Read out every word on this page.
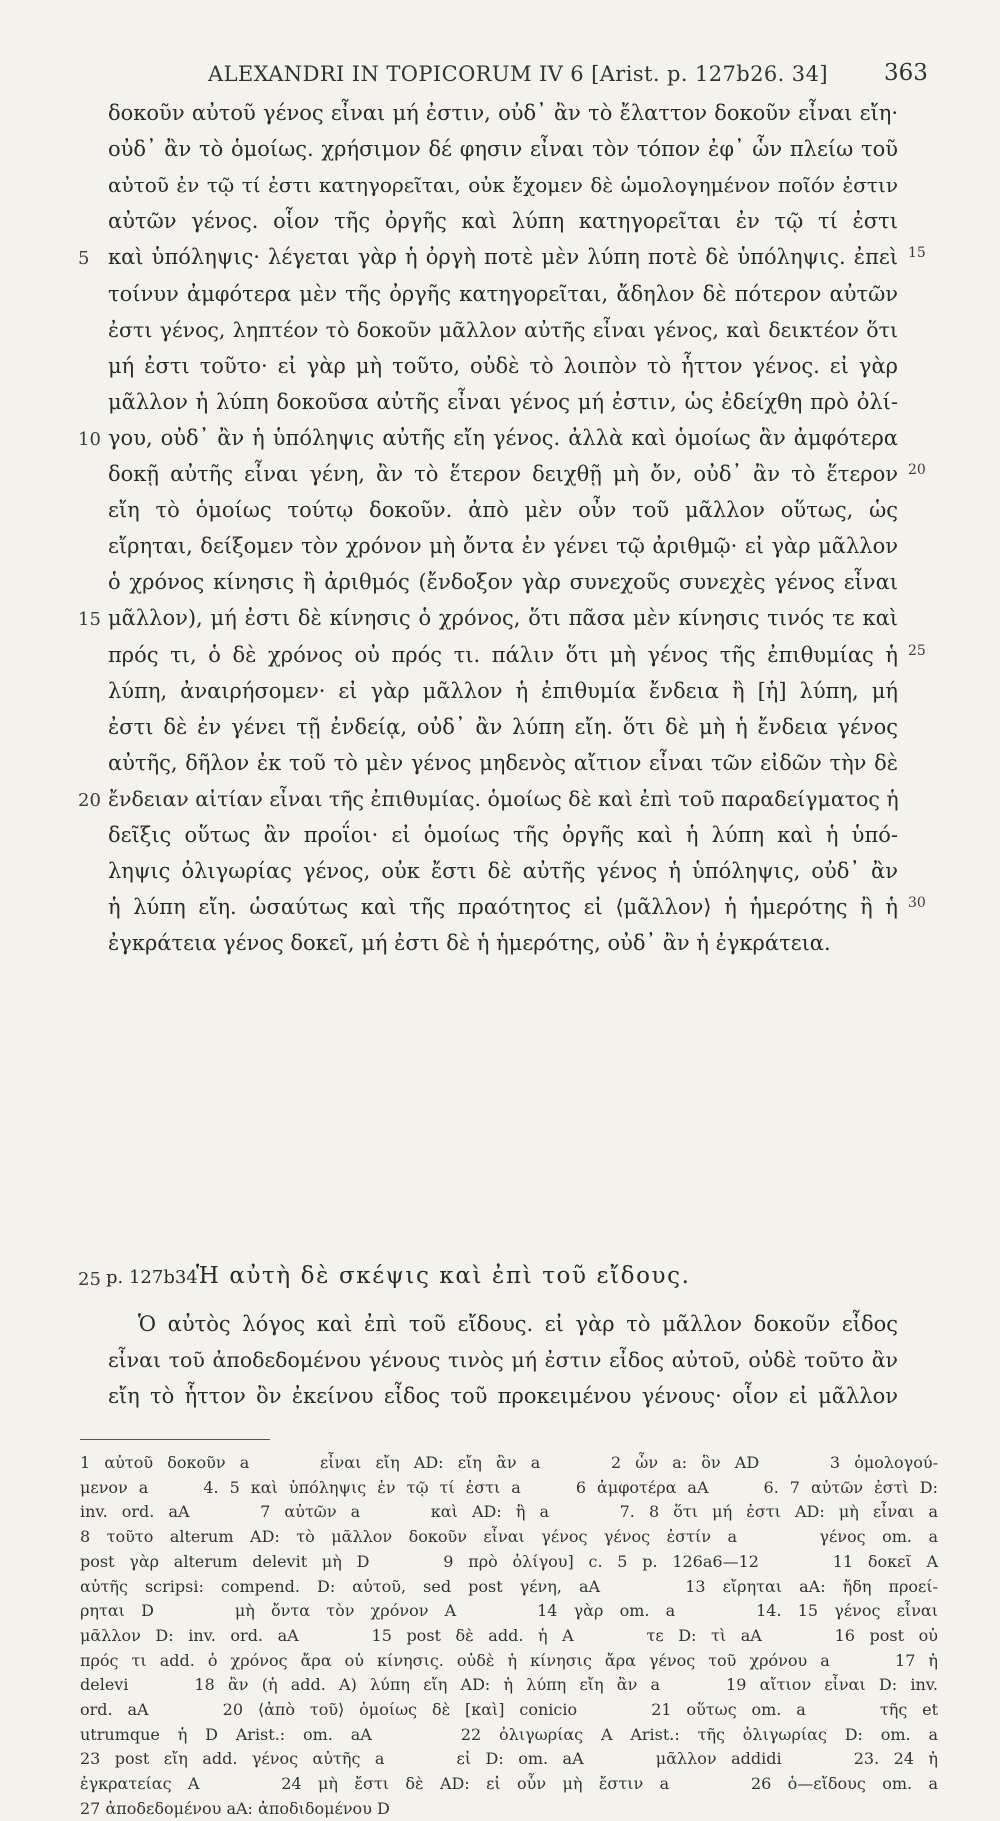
ALEXANDRI IN TOPICORUM IV 6 [Arist. p. 127b26. 34] 363
δοκοῦν αὐτοῦ γένος εἶναι μή ἐστιν, οὐδ᾽ ἂν τὸ ἔλαττον δοκοῦν εἶναι εἴη·
οὐδ᾽ ἂν τὸ ὁμοίως. χρήσιμον δέ φησιν εἶναι τὸν τόπον ἐφ᾽ ὧν πλείω τοῦ
αὐτοῦ ἐν τῷ τί ἐστι κατηγορεῖται, οὐκ ἔχομεν δὲ ὡμολογημένον ποῖόν ἐστιν
αὐτῶν γένος. οἷον τῆς ὀργῆς καὶ λύπη κατηγορεῖται ἐν τῷ τί ἐστι
5 καὶ ὑπόληψις· λέγεται γὰρ ἡ ὀργὴ ποτὲ μὲν λύπη ποτὲ δὲ ὑπόληψις. ἐπεὶ 15
τοίνυν ἀμφότερα μὲν τῆς ὀργῆς κατηγορεῖται, ἄδηλον δὲ πότερον αὐτῶν
ἐστι γένος, ληπτέον τὸ δοκοῦν μᾶλλον αὐτῆς εἶναι γένος, καὶ δεικτέον ὅτι
μή ἐστι τοῦτο· εἰ γὰρ μὴ τοῦτο, οὐδὲ τὸ λοιπὸν τὸ ἧττον γένος. εἰ γὰρ
μᾶλλον ἡ λύπη δοκοῦσα αὐτῆς εἶναι γένος μή ἐστιν, ὡς ἐδείχθη πρὸ ὀλί-
10 γου, οὐδ᾽ ἂν ἡ ὑπόληψις αὐτῆς εἴη γένος. ἀλλὰ καὶ ὁμοίως ἂν ἀμφότερα
δοκῇ αὐτῆς εἶναι γένη, ἂν τὸ ἕτερον δειχθῇ μὴ ὄν, οὐδ᾽ ἂν τὸ ἕτερον 20
εἴη τὸ ὁμοίως τούτῳ δοκοῦν. ἀπὸ μὲν οὖν τοῦ μᾶλλον οὕτως, ὡς
εἴρηται, δείξομεν τὸν χρόνον μὴ ὄντα ἐν γένει τῷ ἀριθμῷ· εἰ γὰρ μᾶλλον
ὁ χρόνος κίνησις ἢ ἀριθμός (ἔνδοξον γὰρ συνεχοῦς συνεχὲς γένος εἶναι
15 μᾶλλον), μή ἐστι δὲ κίνησις ὁ χρόνος, ὅτι πᾶσα μὲν κίνησις τινός τε καὶ
πρός τι, ὁ δὲ χρόνος οὐ πρός τι. πάλιν ὅτι μὴ γένος τῆς ἐπιθυμίας ἡ 25
λύπη, ἀναιρήσομεν· εἰ γὰρ μᾶλλον ἡ ἐπιθυμία ἔνδεια ἢ [ἡ] λύπη, μή
ἐστι δὲ ἐν γένει τῇ ἐνδείᾳ, οὐδ᾽ ἂν λύπη εἴη. ὅτι δὲ μὴ ἡ ἔνδεια γένος
αὐτῆς, δῆλον ἐκ τοῦ τὸ μὲν γένος μηδενὸς αἴτιον εἶναι τῶν εἰδῶν τὴν δὲ
20 ἔνδειαν αἰτίαν εἶναι τῆς ἐπιθυμίας. ὁμοίως δὲ καὶ ἐπὶ τοῦ παραδείγματος ἡ
δεῖξις οὕτως ἂν προΐοι· εἰ ὁμοίως τῆς ὀργῆς καὶ ἡ λύπη καὶ ἡ ὑπό-
ληψις ὀλιγωρίας γένος, οὐκ ἔστι δὲ αὐτῆς γένος ἡ ὑπόληψις, οὐδ᾽ ἂν
ἡ λύπη εἴη. ὡσαύτως καὶ τῆς πραότητος εἰ ⟨μᾶλλον⟩ ἡ ἡμερότης ἢ ἡ 30
ἐγκράτεια γένος δοκεῖ, μή ἐστι δὲ ἡ ἡμερότης, οὐδ᾽ ἂν ἡ ἐγκράτεια.
25 p. 127b34
Ἡ αὐτὴ δὲ σκέψις καὶ ἐπὶ τοῦ εἴδους.
Ὁ αὐτὸς λόγος καὶ ἐπὶ τοῦ εἴδους. εἰ γὰρ τὸ μᾶλλον δοκοῦν εἶδος
εἶναι τοῦ ἀποδεδομένου γένους τινὸς μή ἐστιν εἶδος αὐτοῦ, οὐδὲ τοῦτο ἂν
εἴη τὸ ἧττον ὂν ἐκείνου εἶδος τοῦ προκειμένου γένους· οἷον εἰ μᾶλλον
1 αὐτοῦ δοκοῦν a     εἶναι εἴη AD: εἴη ἂν a     2 ὧν a: ὃν AD     3 ὁμολογού-
μενον a     4. 5 καὶ ὑπόληψις ἐν τῷ τί ἐστι a     6 ἀμφοτέρα aA     6. 7 αὐτῶν ἐστὶ D:
inv. ord. aA     7 αὐτῶν a     καὶ AD: ἢ a     7. 8 ὅτι μή ἐστι AD: μὴ εἶναι a
8 τοῦτο alterum AD: τὸ μᾶλλον δοκοῦν εἶναι γένος γένος ἐστίν a     γένος om. a
post γὰρ alterum delevit μὴ D     9 πρὸ ὀλίγου] c. 5 p. 126a6—12     11 δοκεῖ A
αὐτῆς scripsi: compend. D: αὐτοῦ, sed post γένη, aA     13 εἴρηται aA: ἤδη προεί-
ρηται D     μὴ ὄντα τὸν χρόνον A     14 γὰρ om. a     14. 15 γένος εἶναι
μᾶλλον D: inv. ord. aA     15 post δὲ add. ἡ A     τε D: τὶ aA     16 post οὐ
πρός τι add. ὁ χρόνος ἄρα οὐ κίνησις. οὐδὲ ἡ κίνησις ἄρα γένος τοῦ χρόνου a     17 ἡ
delevi     18 ἂν (ἡ add. A) λύπη εἴη AD: ἡ λύπη εἴη ἂν a     19 αἴτιον εἶναι D: inv.
ord. aA     20 ⟨ἀπὸ τοῦ⟩ ὁμοίως δὲ [καὶ] conicio     21 οὕτως om. a     τῆς et
utrumque ἡ D Arist.: om. aA     22 ὀλιγωρίας A Arist.: τῆς ὀλιγωρίας D: om. a
23 post εἴη add. γένος αὐτῆς a     εἰ D: om. aA     μᾶλλον addidi     23. 24 ἡ
ἐγκρατείας A     24 μὴ ἔστι δὲ AD: εἰ οὖν μὴ ἔστιν a     26 ὁ—εἴδους om. a
27 ἀποδεδομένου aA: ἀποδιδομένου D
